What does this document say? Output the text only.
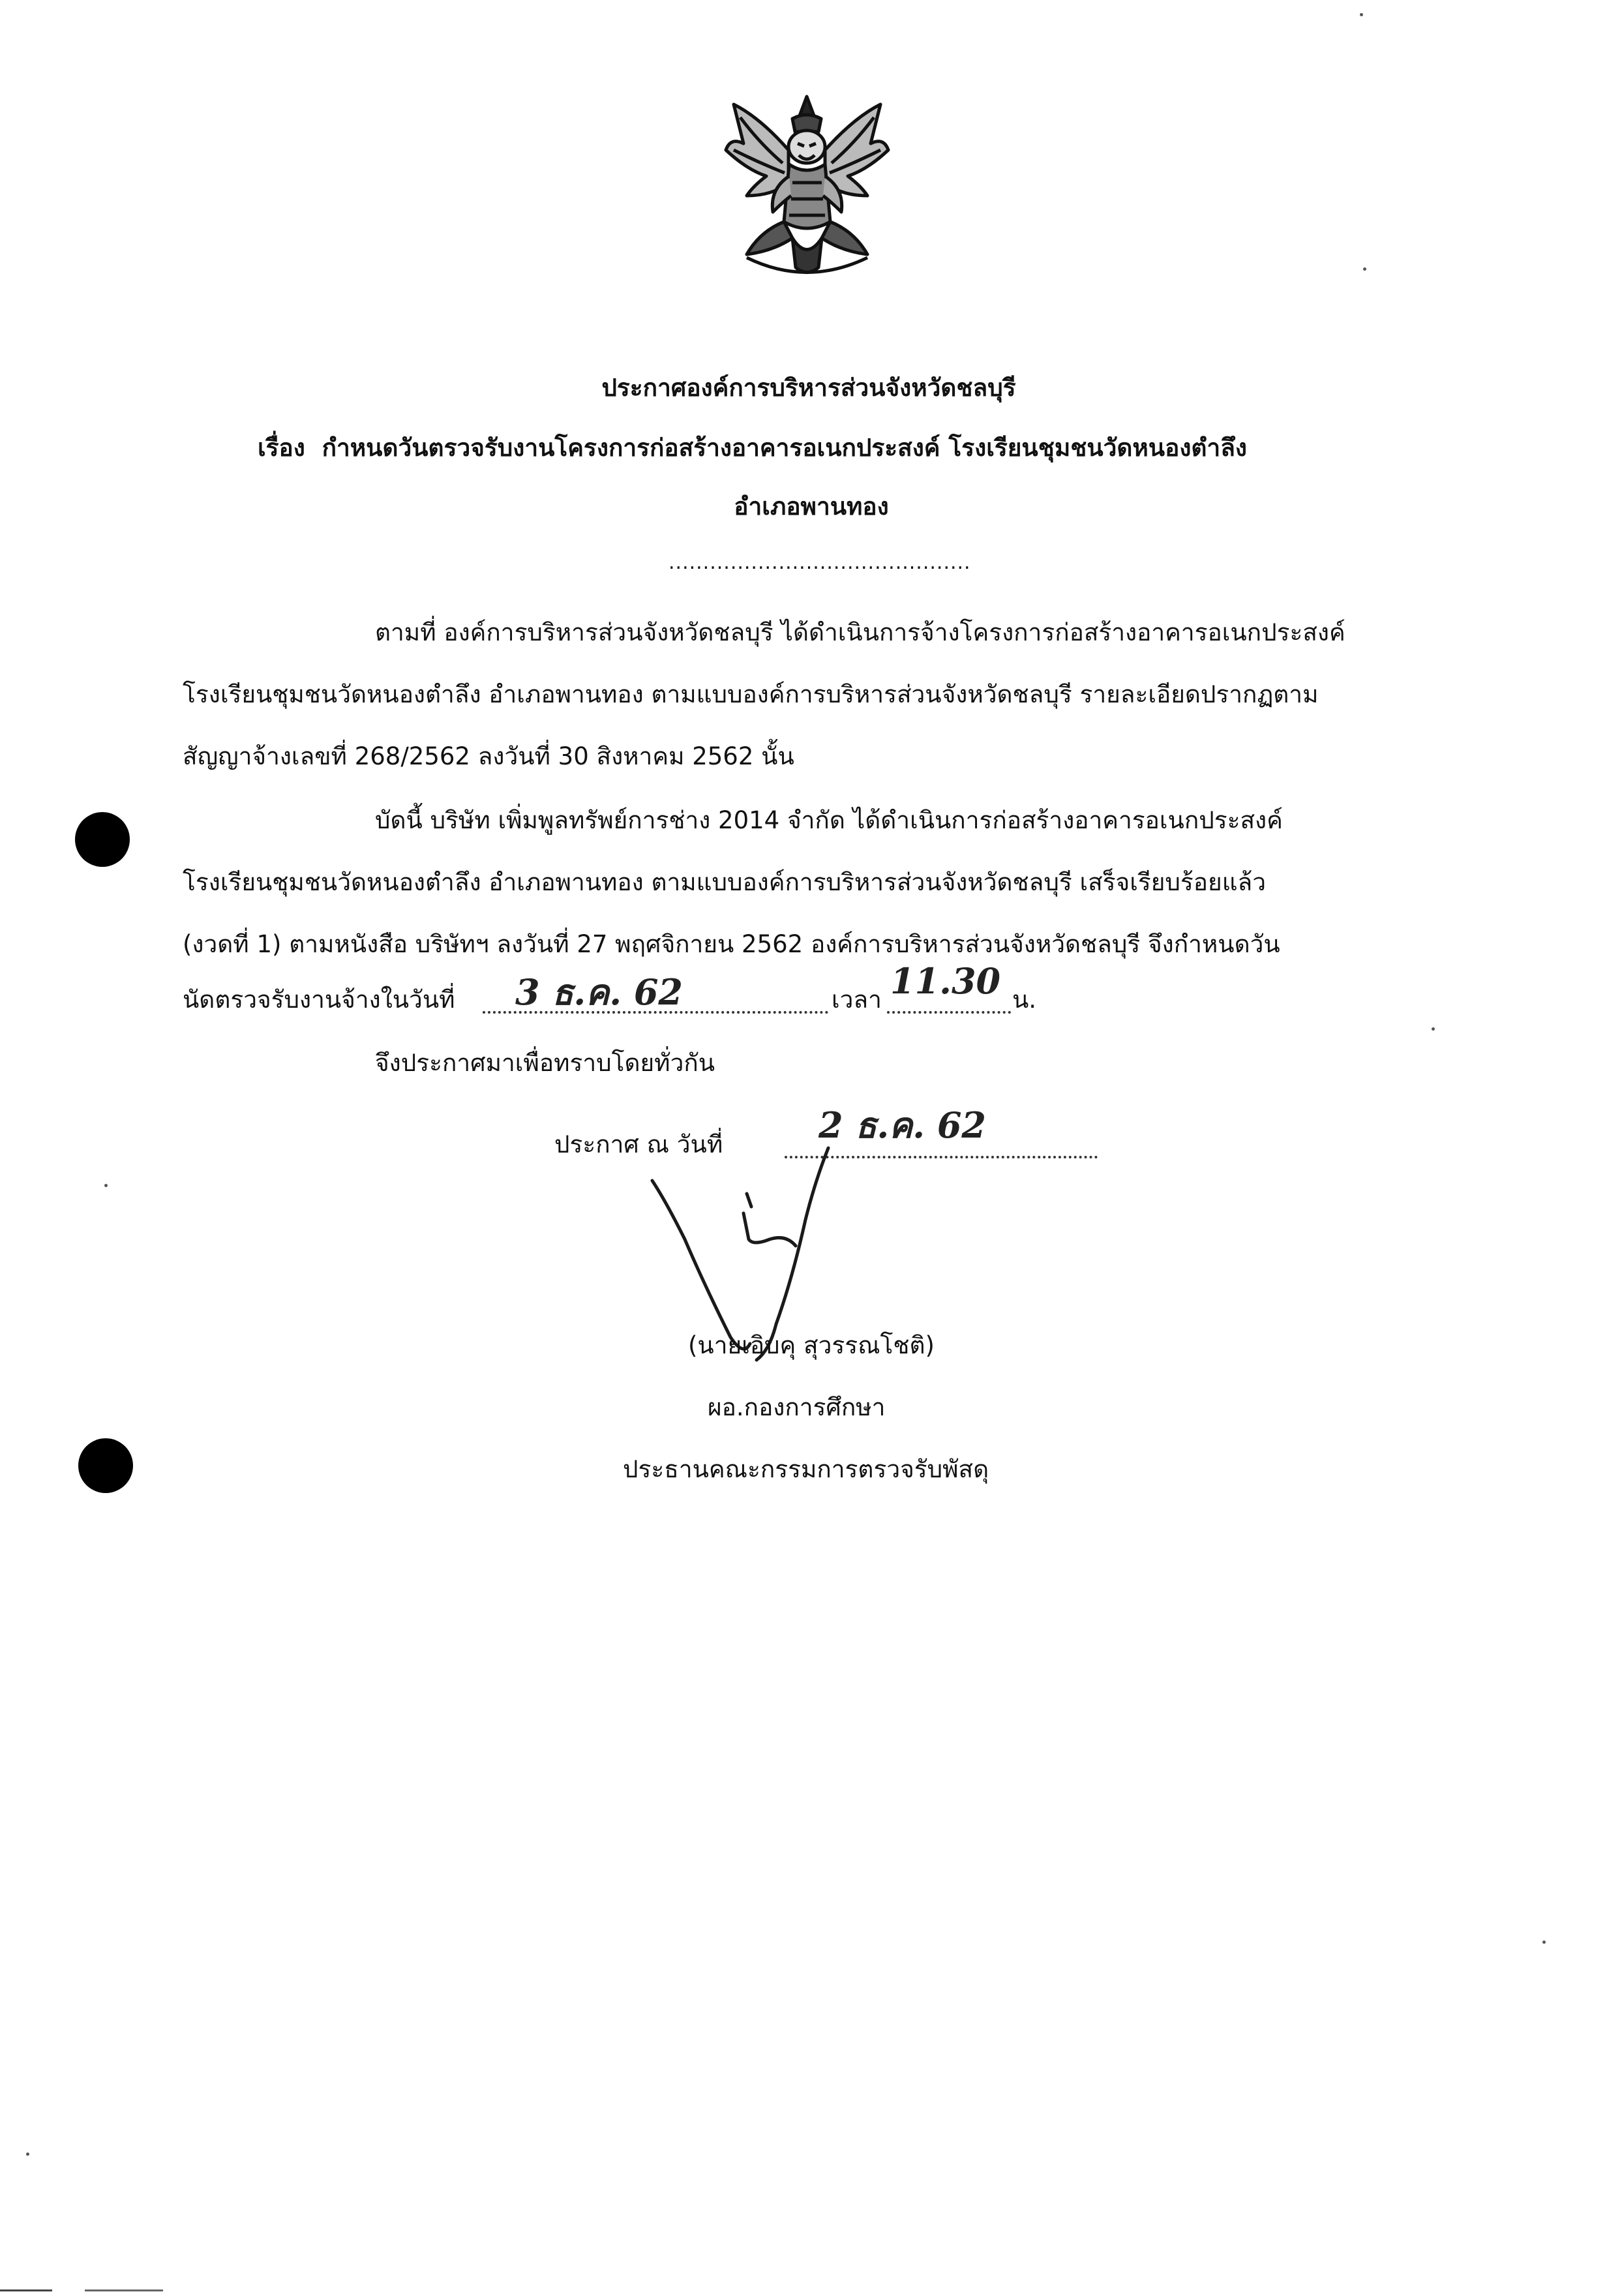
ประกาศองค์การบริหารส่วนจังหวัดชลบุรี
เรื่อง กำหนดวันตรวจรับงานโครงการก่อสร้างอาคารอเนกประสงค์ โรงเรียนชุมชนวัดหนองตำลึง
อำเภอพานทอง
............................................
ตามที่ องค์การบริหารส่วนจังหวัดชลบุรี ได้ดำเนินการจ้างโครงการก่อสร้างอาคารอเนกประสงค์
โรงเรียนชุมชนวัดหนองตำลึง อำเภอพานทอง ตามแบบองค์การบริหารส่วนจังหวัดชลบุรี รายละเอียดปรากฏตาม
สัญญาจ้างเลขที่ 268/2562 ลงวันที่ 30 สิงหาคม 2562 นั้น
บัดนี้ บริษัท เพิ่มพูลทรัพย์การช่าง 2014 จำกัด ได้ดำเนินการก่อสร้างอาคารอเนกประสงค์
โรงเรียนชุมชนวัดหนองตำลึง อำเภอพานทอง ตามแบบองค์การบริหารส่วนจังหวัดชลบุรี เสร็จเรียบร้อยแล้ว
(งวดที่ 1) ตามหนังสือ บริษัทฯ ลงวันที่ 27 พฤศจิกายน 2562 องค์การบริหารส่วนจังหวัดชลบุรี จึงกำหนดวัน
นัดตรวจรับงานจ้างในวันที่ 3 ธ.ค. 62	เวลา 11.30 น.
จึงประกาศมาเพื่อทราบโดยทั่วกัน
ประกาศ ณ วันที่	2 ธ.ค. 62
(นายเอิบคุ สุวรรณโชติ)
ผอ.กองการศึกษา
ประธานคณะกรรมการตรวจรับพัสดุ
